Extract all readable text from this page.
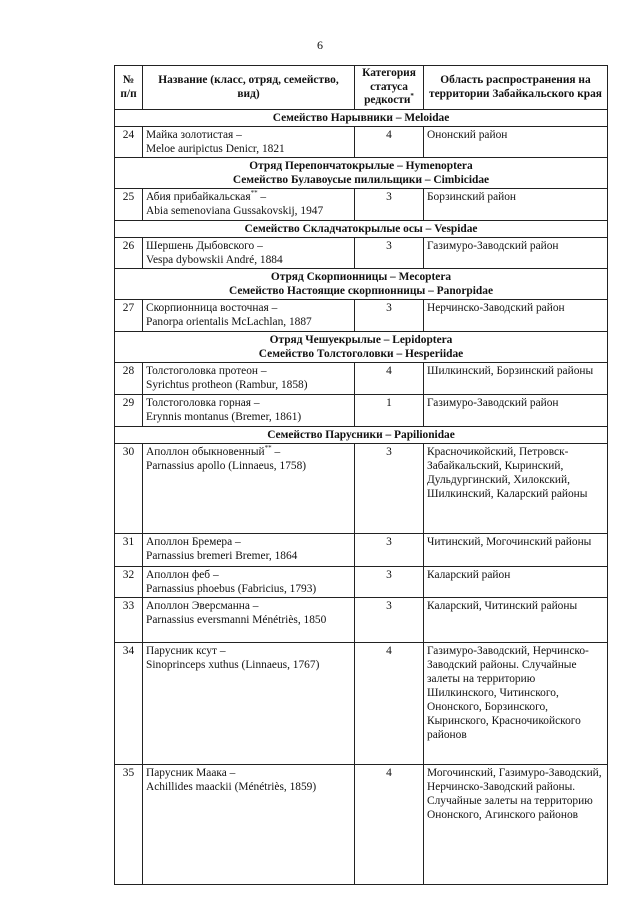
6
№ п/п	Название (класс, отряд, семейство, вид)	Категория статуса редкости*	Область распространения на территории Забайкальского края

Семейство Нарывники – Meloidae			

24	Майка золотистая –
Meloe auripictus Denicr, 1821	4	Ононский район

Отряд Перепончатокрылые – Hymenoptera
Семейство Булавоусые пилильщики – Cimbicidae			

25	Абия прибайкальская** –
Abia semenoviana Gussakovskij, 1947	3	Борзинский район

Семейство Складчатокрылые осы – Vespidae			

26	Шершень Дыбовского –
Vespa dybowskii André, 1884	3	Газимуро-Заводский район

Отряд Скорпионницы – Mecoptera
Семейство Настоящие скорпионницы – Panorpidae			

27	Скорпионница восточная –
Panorpa orientalis McLachlan, 1887	3	Нерчинско-Заводский район

Отряд Чешуекрылые – Lepidoptera
Семейство Толстоголовки – Hesperiidae			

28	Толстоголовка протеон –
Syrichtus protheon (Rambur, 1858)	4	Шилкинский, Борзинский районы
29	Толстоголовка горная –
Erynnis montanus (Bremer, 1861)	1	Газимуро-Заводский район

Семейство Парусники – Papilionidae			

30	Аполлон обыкновенный** –
Parnassius apollo (Linnaeus, 1758)	3	Красночикойский, Петровск-Забайкальский, Кыринский, Дульдургинский, Хилокский, Шилкинский, Каларский районы
31	Аполлон Бремера –
Parnassius bremeri Bremer, 1864	3	Читинский, Могочинский районы
32	Аполлон феб –
Parnassius phoebus (Fabricius, 1793)	3	Каларский район
33	Аполлон Эверсманна –
Parnassius eversmanni Ménétriès, 1850	3	Каларский, Читинский районы
34	Парусник ксут –
Sinoprinceps xuthus (Linnaeus, 1767)	4	Газимуро-Заводский, Нерчинско-Заводский районы. Случайные залеты на территорию Шилкинского, Читинского, Ононского, Борзинского, Кыринского, Красночикойского районов
35	Парусник Маака –
Achillides maackii (Ménétriès, 1859)	4	Могочинский, Газимуро-Заводский, Нерчинско-Заводский районы. Случайные залеты на территорию Ононского, Агинского районов
